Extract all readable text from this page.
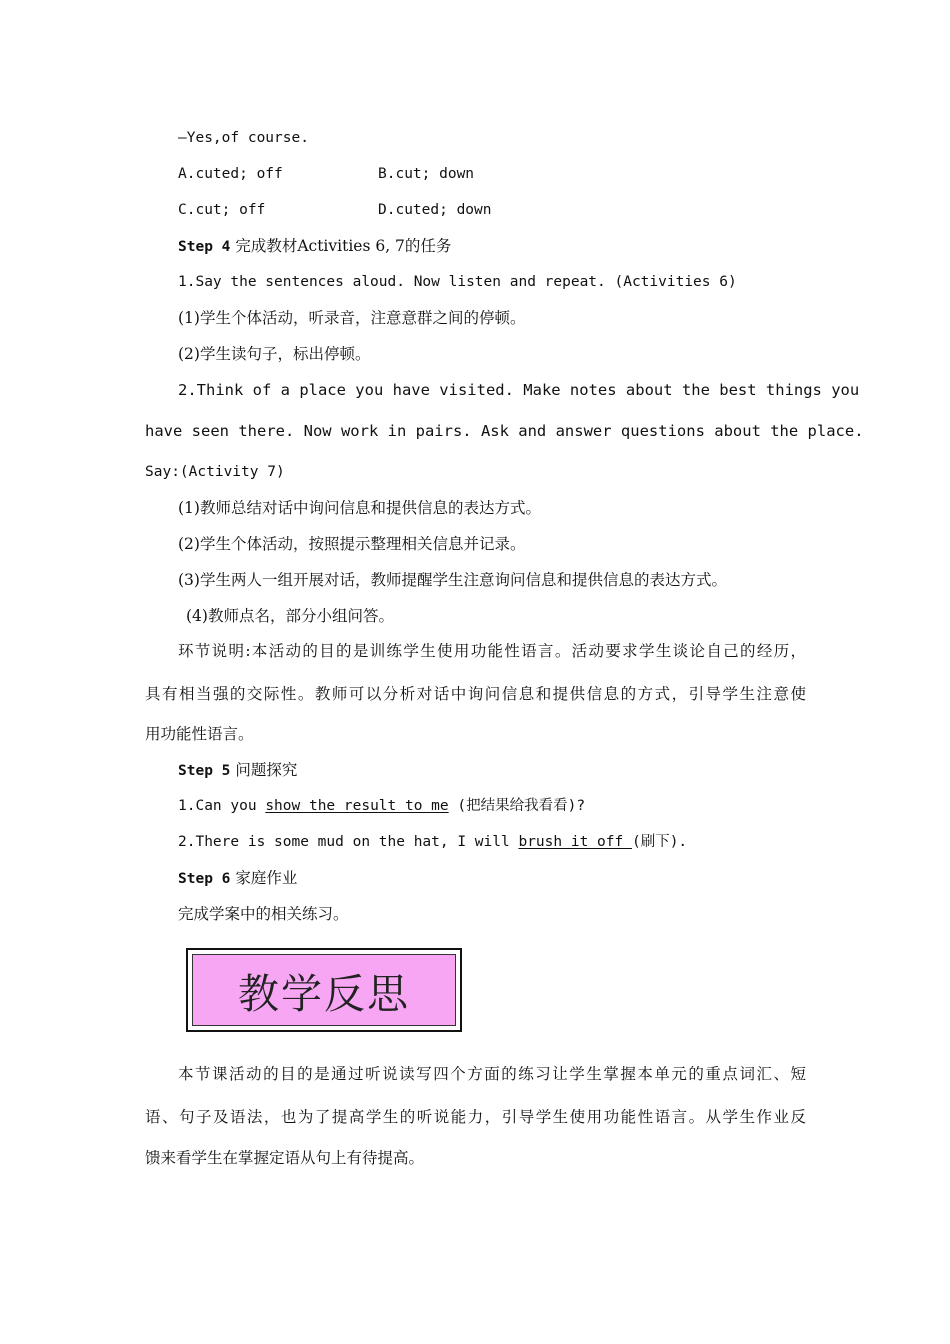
—Yes,of course.
A.cuted; off	B.cut; down
C.cut; off	D.cuted; down
Step 4 完成教材Activities 6, 7的任务
1.Say the sentences aloud. Now listen and repeat. (Activities 6)
(1)学生个体活动，听录音，注意意群之间的停顿。
(2)学生读句子，标出停顿。
2.Think of a place you have visited. Make notes about the best things you
have seen there. Now work in pairs. Ask and answer questions about the place.
Say:(Activity 7)
(1)教师总结对话中询问信息和提供信息的表达方式。
(2)学生个体活动，按照提示整理相关信息并记录。
(3)学生两人一组开展对话，教师提醒学生注意询问信息和提供信息的表达方式。
(4)教师点名，部分小组问答。
环节说明:本活动的目的是训练学生使用功能性语言。活动要求学生谈论自己的经历，
具有相当强的交际性。教师可以分析对话中询问信息和提供信息的方式，引导学生注意使
用功能性语言。
Step 5 问题探究
1.Can you show the result to me (把结果给我看看)?
2.There is some mud on the hat, I will brush it off (刷下).
Step 6 家庭作业
完成学案中的相关练习。
教学反思
本节课活动的目的是通过听说读写四个方面的练习让学生掌握本单元的重点词汇、短
语、句子及语法，也为了提高学生的听说能力，引导学生使用功能性语言。从学生作业反
馈来看学生在掌握定语从句上有待提高。
